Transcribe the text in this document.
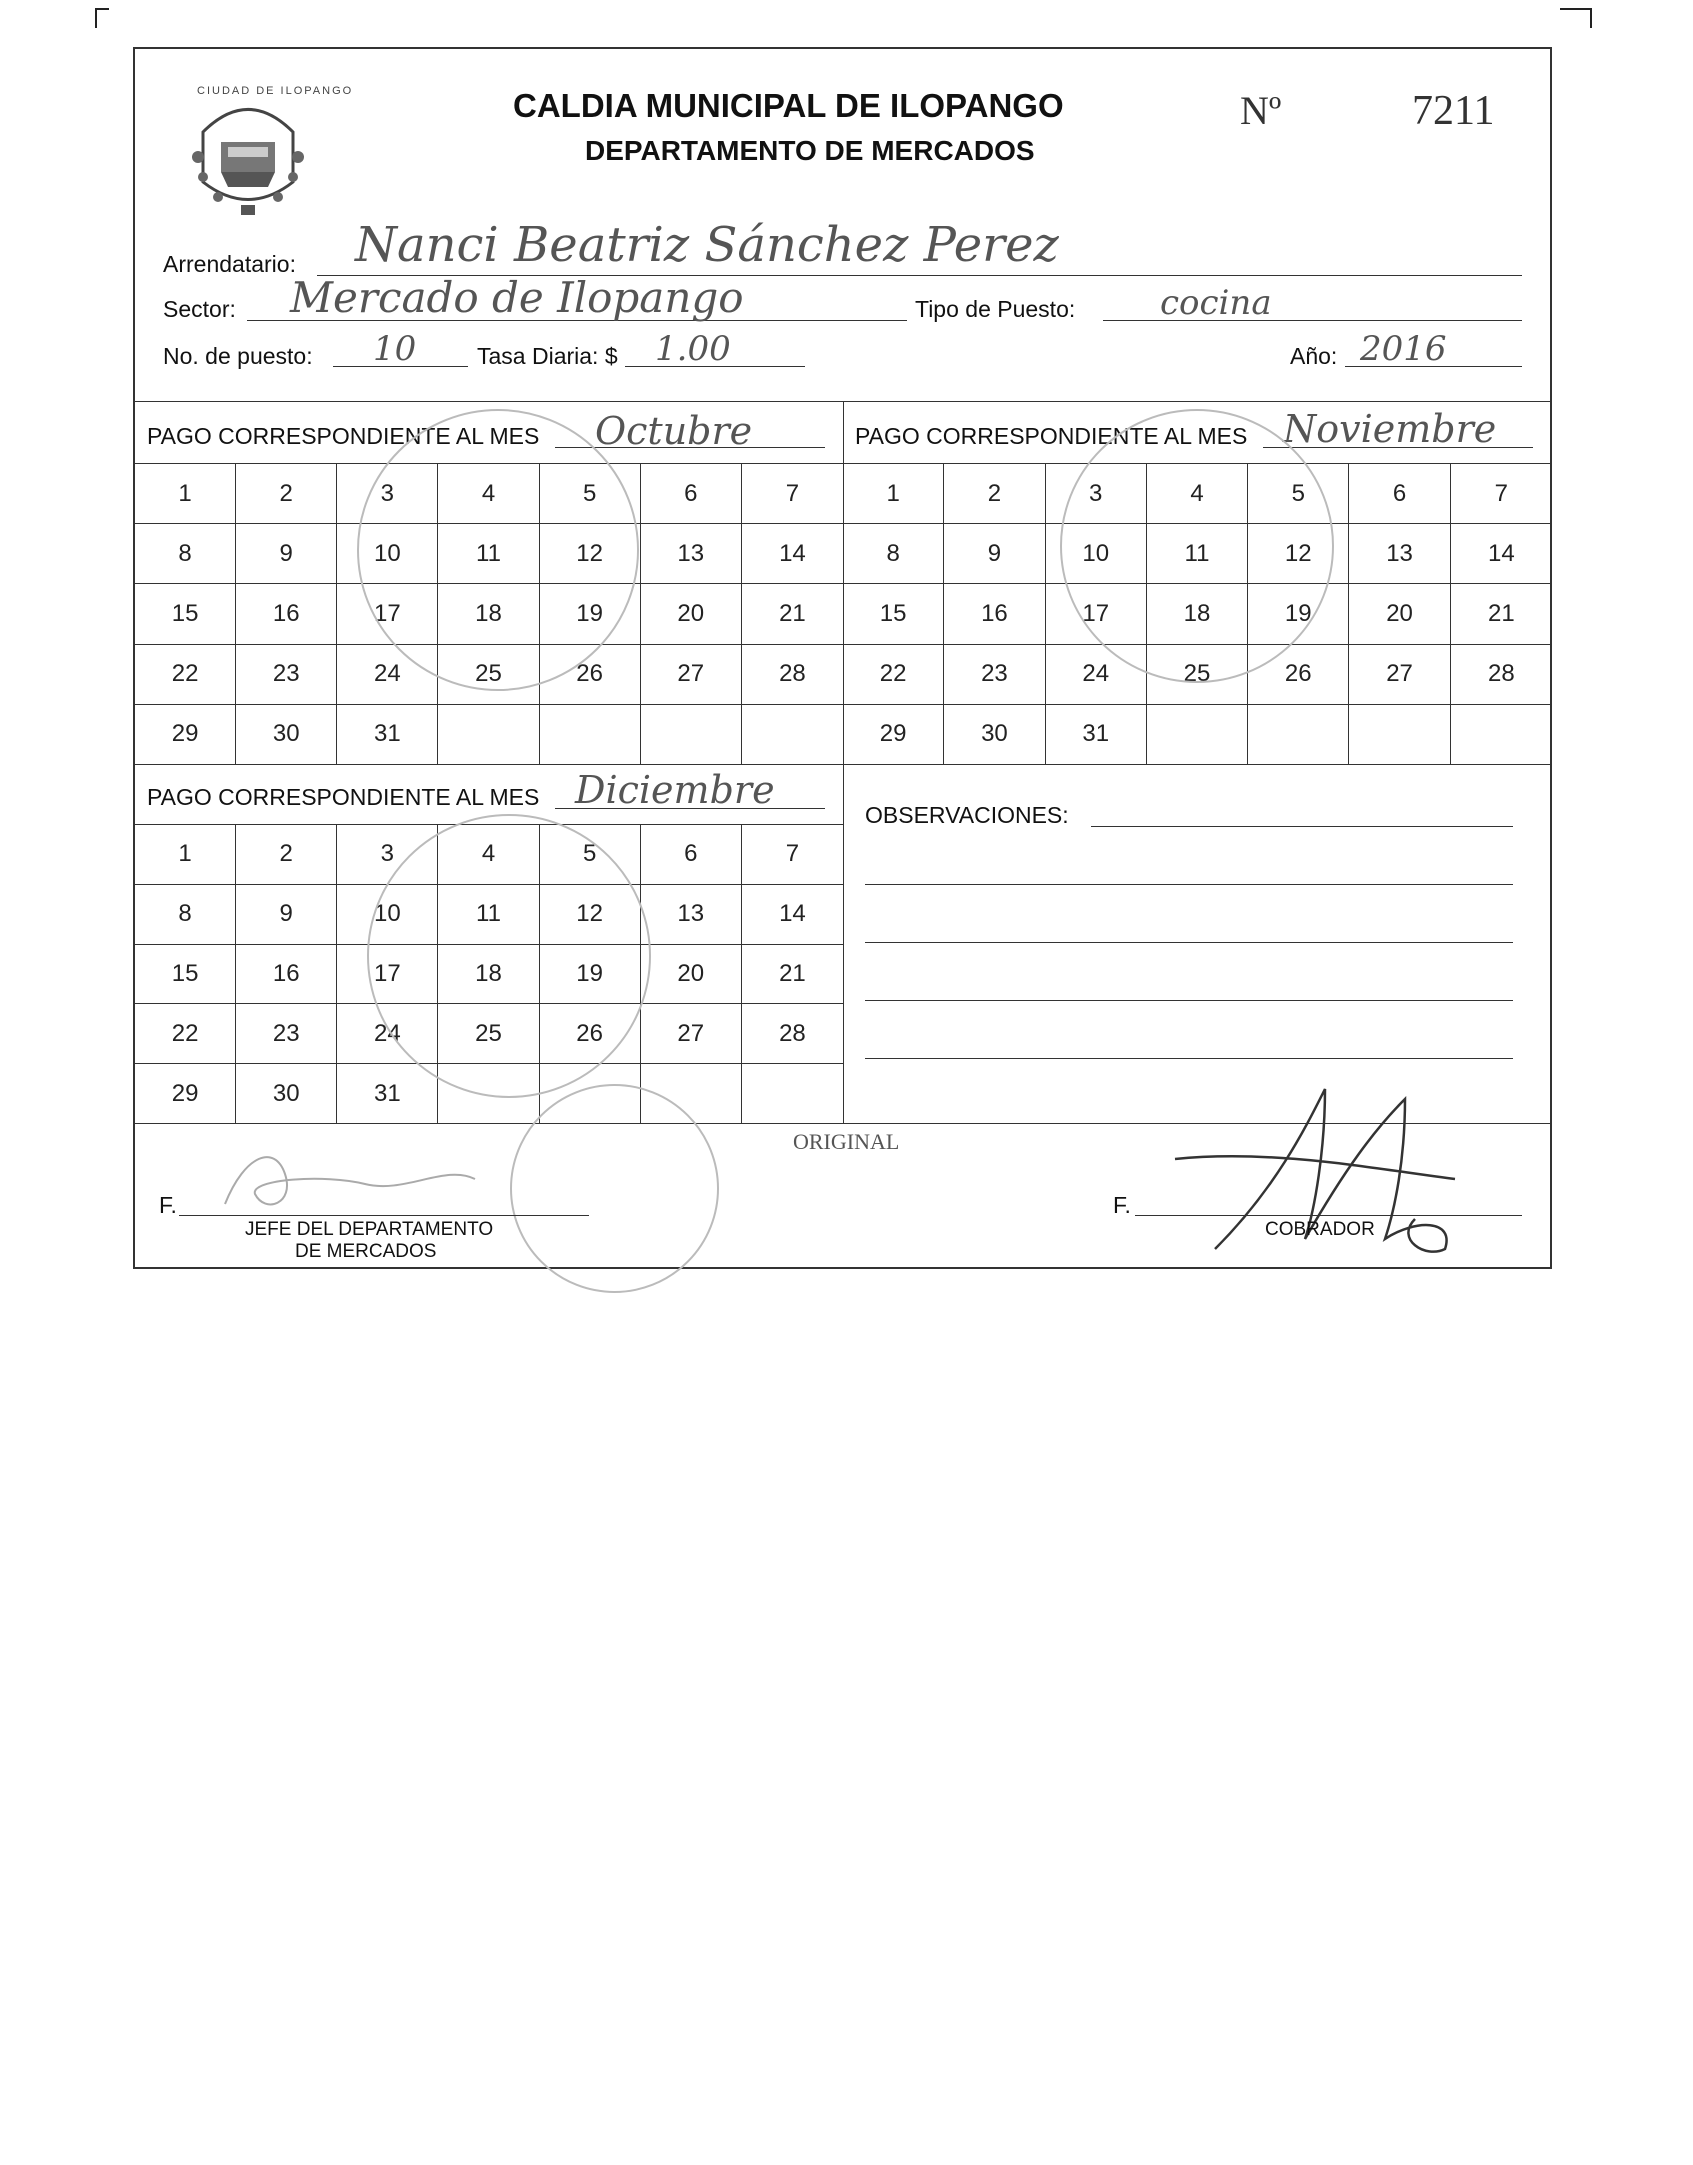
CIUDAD DE ILOPANGO	CALDIA MUNICIPAL DE ILOPANGO
DEPARTAMENTO DE MERCADOS
Nº	7211
Arrendatario: Nanci Beatriz Sánchez Perez
Sector: Mercado de Ilopango	Tipo de Puesto: cocina
No. de puesto: 10	Tasa Diaria: $ 1.00	Año: 2016
PAGO CORRESPONDIENTE AL MES Octubre
1	2	3	4	5	6	7
8	9	10	11	12	13	14
15	16	17	18	19	20	21
22	23	24	25	26	27	28
29	30	31
PAGO CORRESPONDIENTE AL MES Noviembre
1	2	3	4	5	6	7
8	9	10	11	12	13	14
15	16	17	18	19	20	21
22	23	24	25	26	27	28
29	30	31
PAGO CORRESPONDIENTE AL MES Diciembre
1	2	3	4	5	6	7
8	9	10	11	12	13	14
15	16	17	18	19	20	21
22	23	24	25	26	27	28
29	30	31
OBSERVACIONES:
ORIGINAL
F.
JEFE DEL DEPARTAMENTO
DE MERCADOS
F.
COBRADOR
